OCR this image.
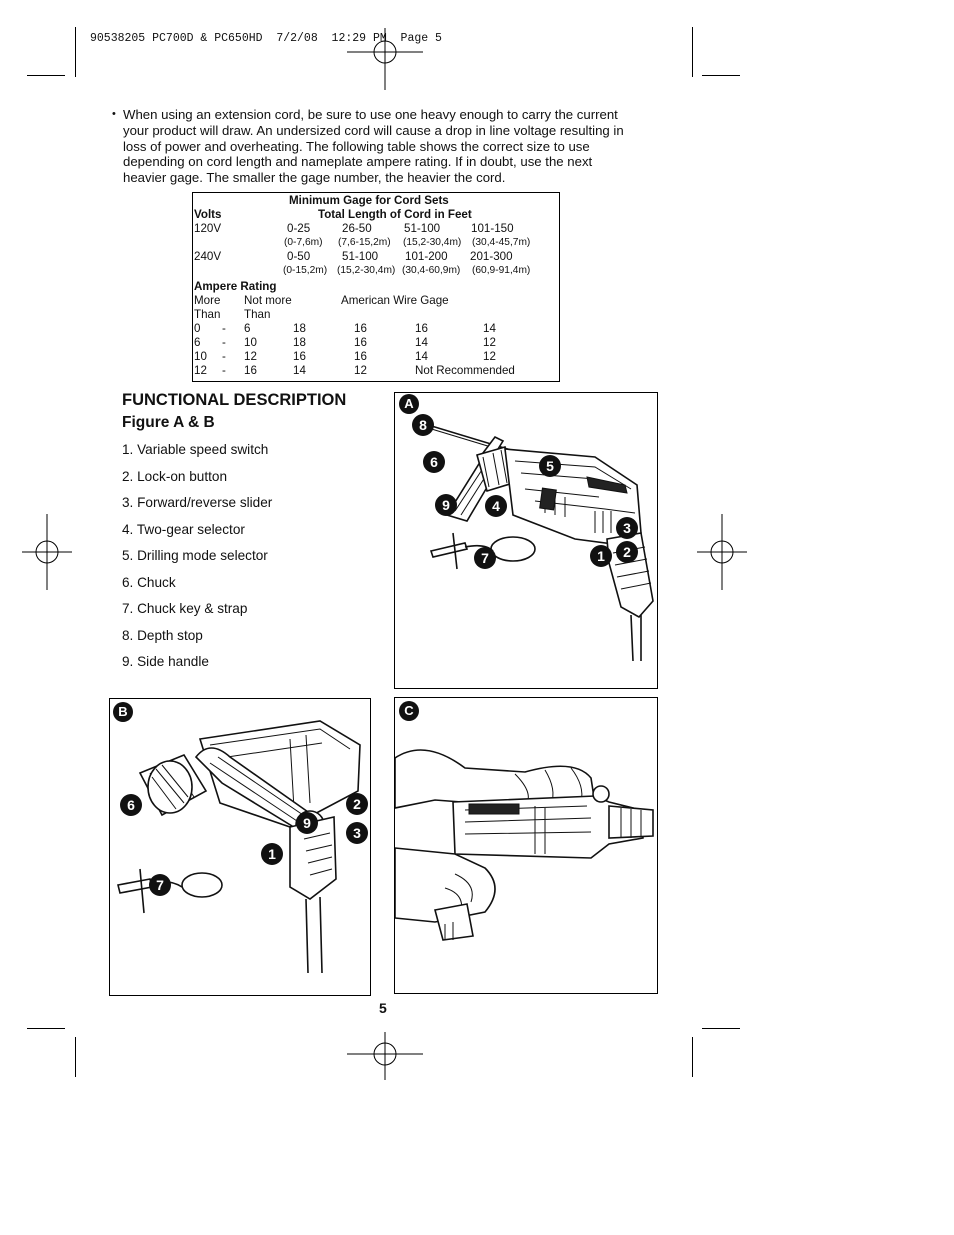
90538205 PC700D & PC650HD  7/2/08  12:29 PM  Page 5
• When using an extension cord, be sure to use one heavy enough to carry the current
your product will draw. An undersized cord will cause a drop in line voltage resulting in
loss of power and overheating. The following table shows the correct size to use
depending on cord length and nameplate ampere rating. If in doubt, use the next
heavier gage. The smaller the gage number, the heavier the cord.
Minimum Gage for Cord Sets
Volts	Total Length of Cord in Feet
120V	0-25	26-50	51-100	101-150
(0-7,6m) (7,6-15,2m) (15,2-30,4m) (30,4-45,7m)
240V	0-50	51-100 101-200 201-300
(0-15,2m) (15,2-30,4m) (30,4-60,9m) (60,9-91,4m)
Ampere Rating
More Not more	American Wire Gage
Than Than
0 - 6	18	16	16	14
6 - 10	18	16	14	12
10 - 12	16	16	14	12
12 - 16	14	12	Not Recommended
FUNCTIONAL DESCRIPTION
Figure A & B
1. Variable speed switch
2. Lock-on button
3. Forward/reverse slider
4. Two-gear selector
5. Drilling mode selector
6. Chuck
7. Chuck key & strap
8. Depth stop
9. Side handle
A
8
6	5
9	4
3
1	2
7
B
6	2
9
3
1
7
C
5
